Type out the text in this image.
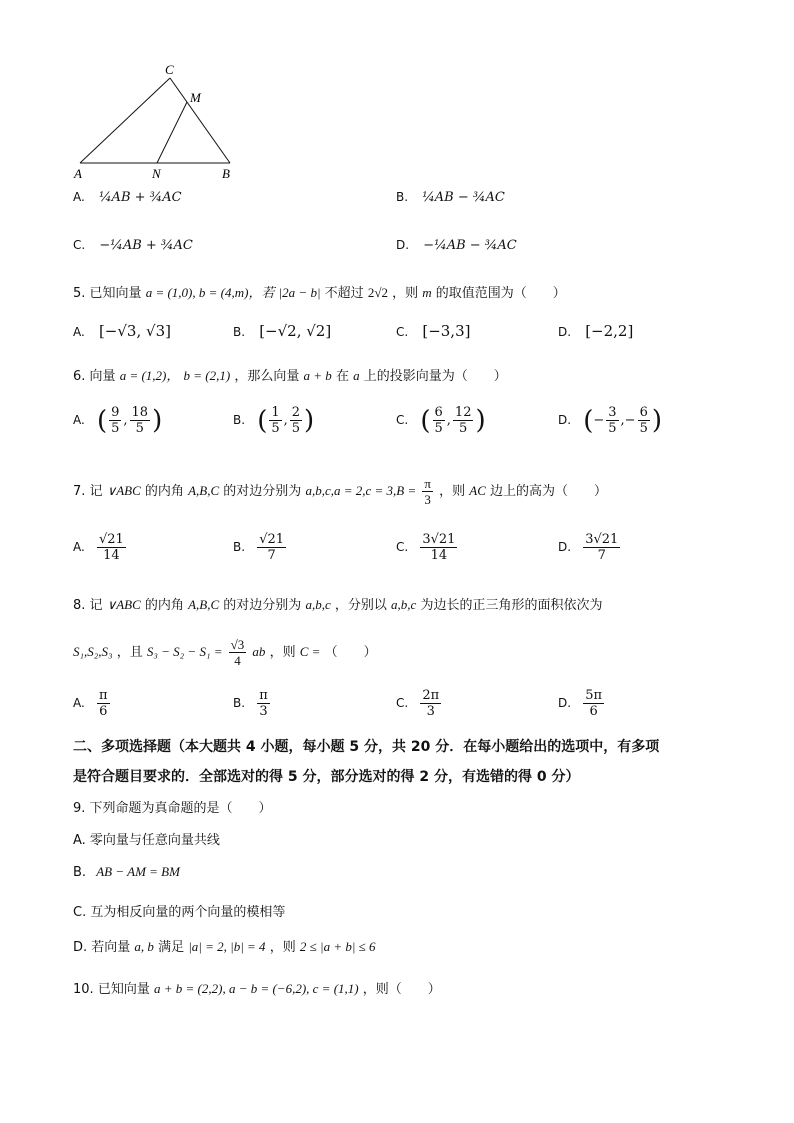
C
M
A	N	B
A. ¼AB + ¾AC	B. ¼AB − ¾AC
C. −¼AB + ¾AC	D. −¼AB − ¾AC
5. 已知向量 a = (1,0), b = (4,m)，若 |2a − b| 不超过 2√2 ，则 m 的取值范围为（　　）
A. [−√3, √3]	B. [−√2, √2]	C. [−3,3]	D. [−2,2]
6. 向量 a = (1,2)， b = (2,1) ，那么向量 a + b 在 a 上的投影向量为（　　）
A. ( $\frac{9}{5}$ , $\frac{18}{5}$ )	B. ( $\frac{1}{5}$ , $\frac{2}{5}$ )	C. ( $\frac{6}{5}$ , $\frac{12}{5}$ )	D. (− $\frac{3}{5}$ ,− $\frac{6}{5}$ )
7. 记 ∨ABC 的内角 A,B,C 的对边分别为 $a,b,c,a = 2,c = 3,B = \frac{\pi}{3}$ ，则 AC 边上的高为（　　）
A. $\frac{√21}{14}$	B. $\frac{√21}{7}$	C. $\frac{3√21}{14}$	D. $\frac{3√21}{7}$
8. 记 ∨ABC 的内角 A,B,C 的对边分别为 a,b,c ，分别以 a,b,c 为边长的正三角形的面积依次为
S₁,S₂,S₃ ，且 $S_3 - S_2 - S_1 = \frac{√3}{4}$ ab ，则 C = （　　）
A. $\frac{\pi}{6}$	B. $\frac{\pi}{3}$	C. $\frac{2\pi}{3}$	D. $\frac{5\pi}{6}$
二、多项选择题（本大题共 4 小题，每小题 5 分，共 20 分．在每小题给出的选项中，有多项
是符合题目要求的．全部选对的得 5 分，部分选对的得 2 分，有选错的得 0 分）
9. 下列命题为真命题的是（　　）
A. 零向量与任意向量共线
B. AB − AM = BM
C. 互为相反向量的两个向量的模相等
D. 若向量 a, b 满足 |a| = 2, |b| = 4 ，则 2 ≤ |a + b| ≤ 6
10. 已知向量 a + b = (2,2), a − b = (−6,2), c = (1,1) ，则（　　）
